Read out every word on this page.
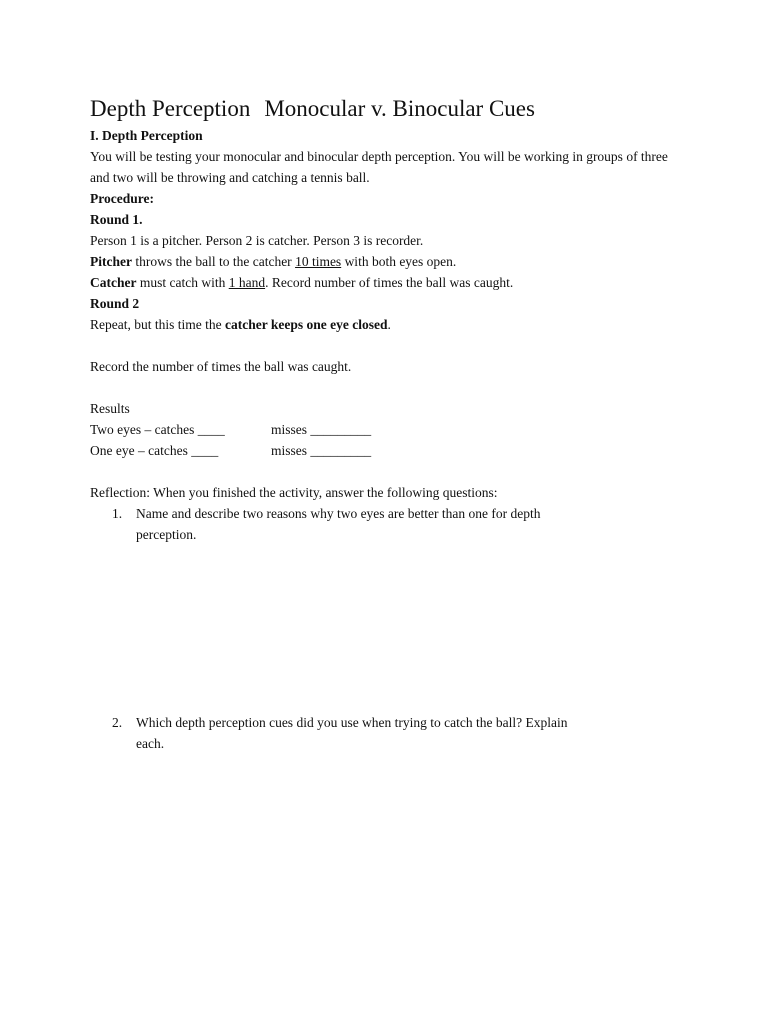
Depth Perception Monocular v. Binocular Cues
I. Depth Perception
You will be testing your monocular and binocular depth perception. You will be working in groups of three and two will be throwing and catching a tennis ball.
Procedure:
Round 1.
Person 1 is a pitcher. Person 2 is catcher. Person 3 is recorder.
Pitcher throws the ball to the catcher 10 times with both eyes open.
Catcher must catch with 1 hand. Record number of times the ball was caught.
Round 2
Repeat, but this time the catcher keeps one eye closed.
Record the number of times the ball was caught.
Results
Two eyes – catches ____	misses _________
One eye – catches ____	misses _________
Reflection: When you finished the activity, answer the following questions:
1. Name and describe two reasons why two eyes are better than one for depth
perception.
2. Which depth perception cues did you use when trying to catch the ball? Explain
each.
